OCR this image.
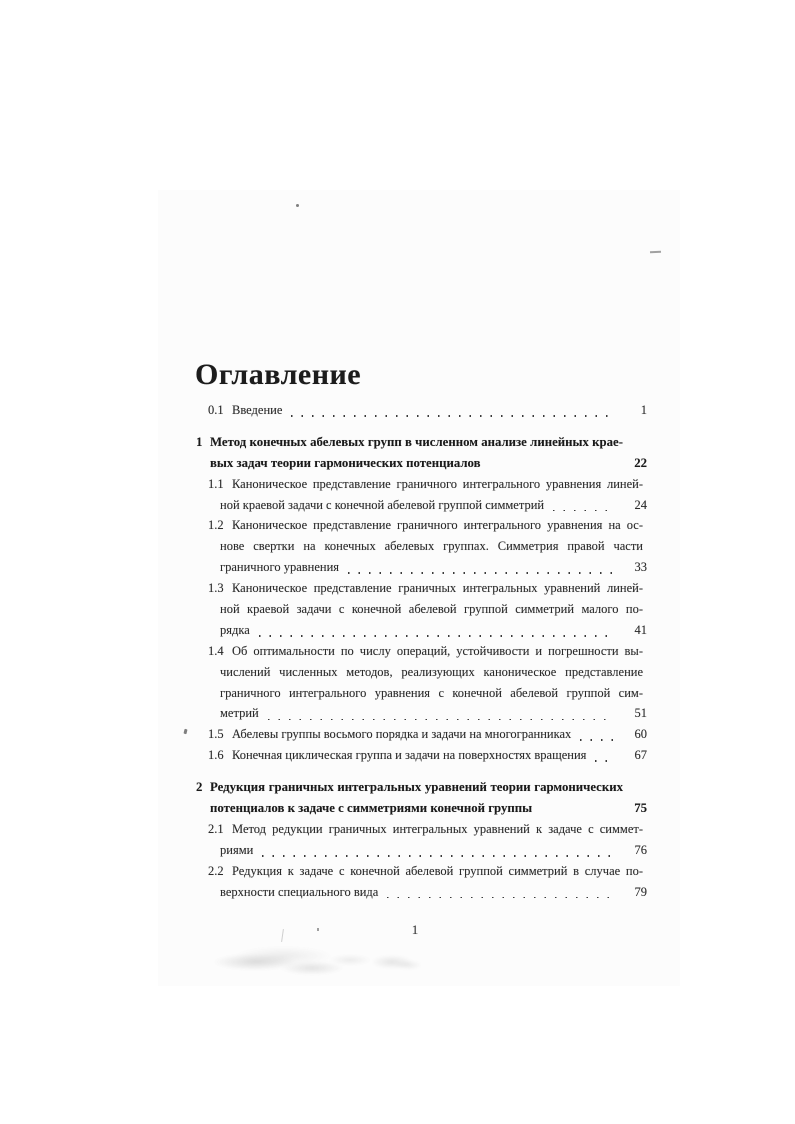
Оглавление
0.1 Введение	1
1 Метод конечных абелевых групп в численном анализе линейных крае-
вых задач теории гармонических потенциалов	22
1.1 Каноническое представление граничного интегрального уравнения линей-
ной краевой задачи с конечной абелевой группой симметрий	24
1.2 Каноническое представление граничного интегрального уравнения на ос-
нове свертки на конечных абелевых группах. Симметрия правой части
граничного уравнения	33
1.3 Каноническое представление граничных интегральных уравнений линей-
ной краевой задачи с конечной абелевой группой симметрий малого по-
рядка	41
1.4 Об оптимальности по числу операций, устойчивости и погрешности вы-
числений численных методов, реализующих каноническое представление
граничного интегрального уравнения с конечной абелевой группой сим-
метрий	51
1.5 Абелевы группы восьмого порядка и задачи на многогранниках	60
1.6 Конечная циклическая группа и задачи на поверхностях вращения	67
2 Редукция граничных интегральных уравнений теории гармонических
потенциалов к задаче с симметриями конечной группы	75
2.1 Метод редукции граничных интегральных уравнений к задаче с симмет-
риями	76
2.2 Редукция к задаче с конечной абелевой группой симметрий в случае по-
верхности специального вида	79
1
